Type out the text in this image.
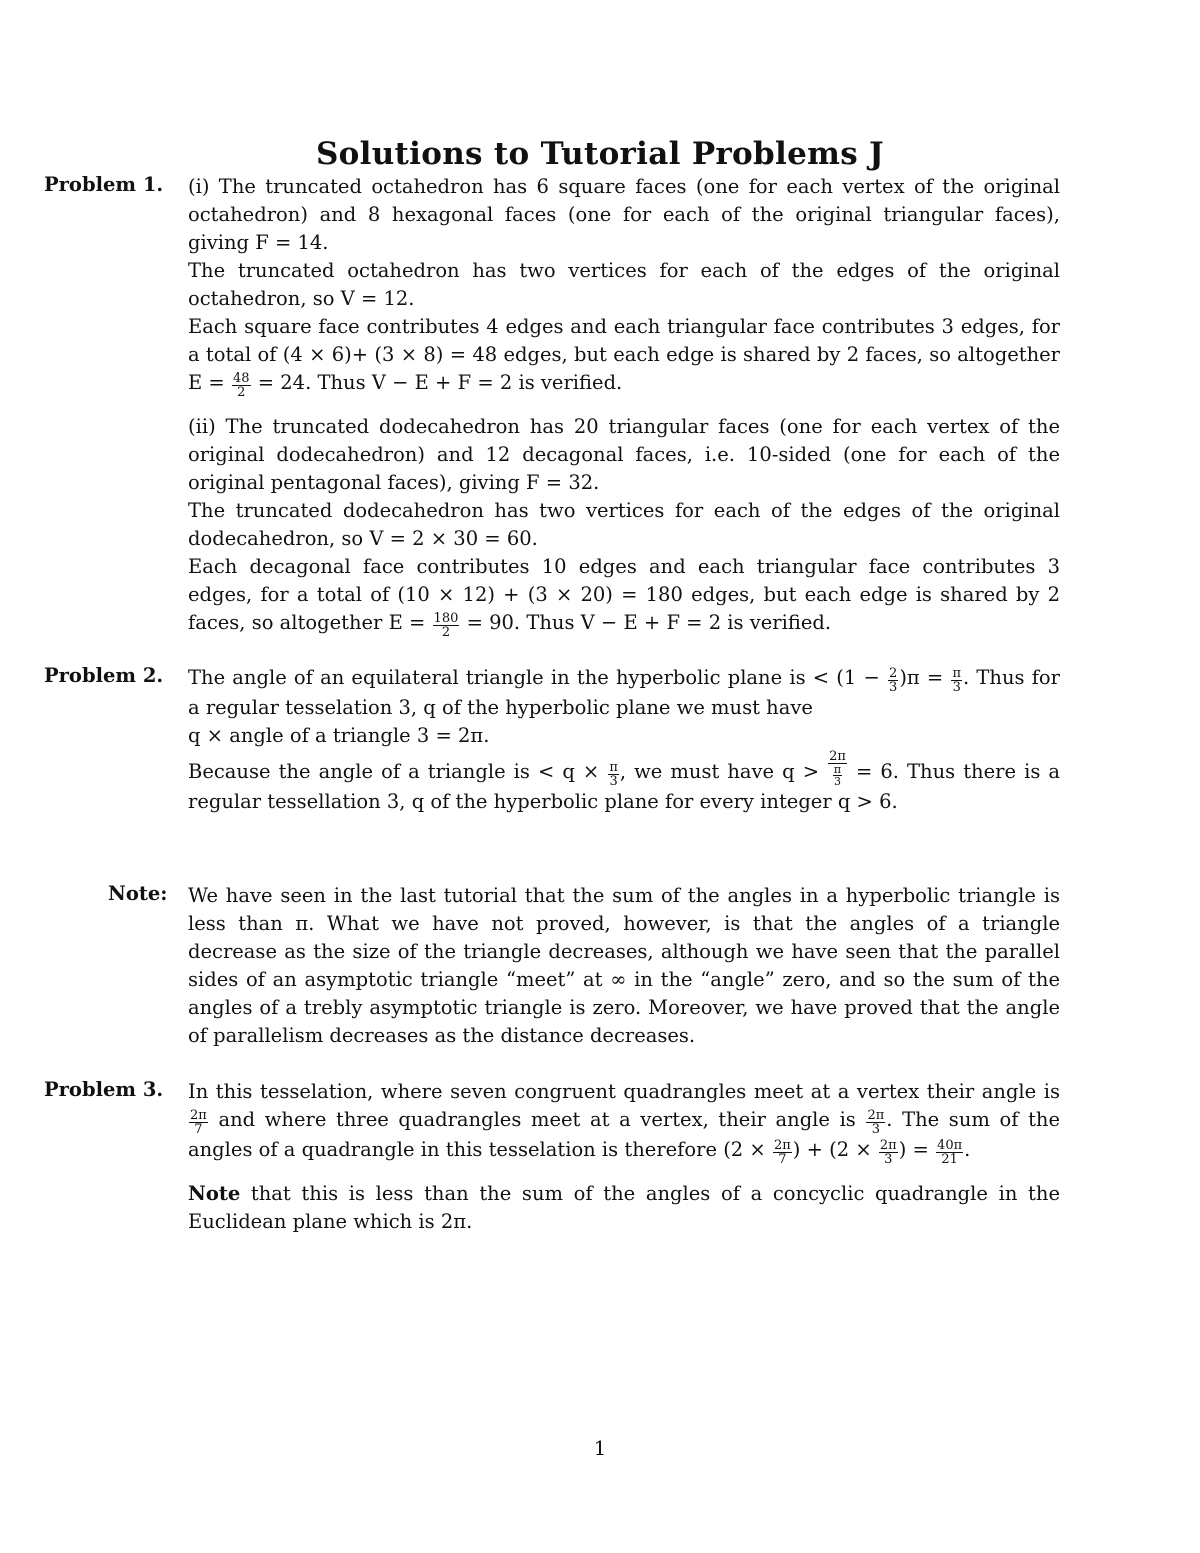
Solutions to Tutorial Problems J
Problem 1.	(i) The truncated octahedron has 6 square faces (one for each vertex of the original octahedron) and 8 hexagonal faces (one for each of the original triangular faces), giving F = 14.

The truncated octahedron has two vertices for each of the edges of the original octahedron, so V = 12.

Each square face contributes 4 edges and each triangular face contributes 3 edges, for a total of (4 × 6)+ (3 × 8) = 48 edges, but each edge is shared by 2 faces, so altogether $E = \frac{48}{2} = 24$. Thus V − E + F = 2 is verified.

(ii) The truncated dodecahedron has 20 triangular faces (one for each vertex of the original dodecahedron) and 12 decagonal faces, i.e. 10-sided (one for each of the original pentagonal faces), giving F = 32.

The truncated dodecahedron has two vertices for each of the edges of the original dodecahedron, so V = 2 × 30 = 60.

Each decagonal face contributes 10 edges and each triangular face contributes 3 edges, for a total of (10 × 12) + (3 × 20) = 180 edges, but each edge is shared by 2 faces, so altogether $E = \frac{180}{2} = 90$. Thus V − E + F = 2 is verified.

Problem 2.	The angle of an equilateral triangle in the hyperbolic plane is < $(1 - \frac{2}{3} )\pi = \frac{\pi}{3}$ . Thus for a regular tesselation 3, q of the hyperbolic plane we must have

q × angle of a triangle 3 = 2π.

Because the angle of a triangle is < $q \times \frac{\pi}{3}$ , we must have $q > \frac{2\pi}{\frac{\pi}{3}} = 6$. Thus there is a regular tessellation 3, q of the hyperbolic plane for every integer q > 6.

Note:	We have seen in the last tutorial that the sum of the angles in a hyperbolic triangle is less than π. What we have not proved, however, is that the angles of a triangle decrease as the size of the triangle decreases, although we have seen that the parallel sides of an asymptotic triangle “meet” at ∞ in the “angle” zero, and so the sum of the angles of a trebly asymptotic triangle is zero. Moreover, we have proved that the angle of parallelism decreases as the distance decreases.

Problem 3.	In this tesselation, where seven congruent quadrangles meet at a vertex their angle is
$\frac{2\pi}{7}$ and where three quadrangles meet at a vertex, their angle is $\frac{2\pi}{3}$ . The sum of the angles of a quadrangle in this tesselation is therefore ($2 \times \frac{2\pi}{7}$ ) + ($2 \times \frac{2\pi}{3}$ ) = $\frac{40\pi}{21}$ .

Note that this is less than the sum of the angles of a concyclic quadrangle in the Euclidean plane which is 2π.

1
